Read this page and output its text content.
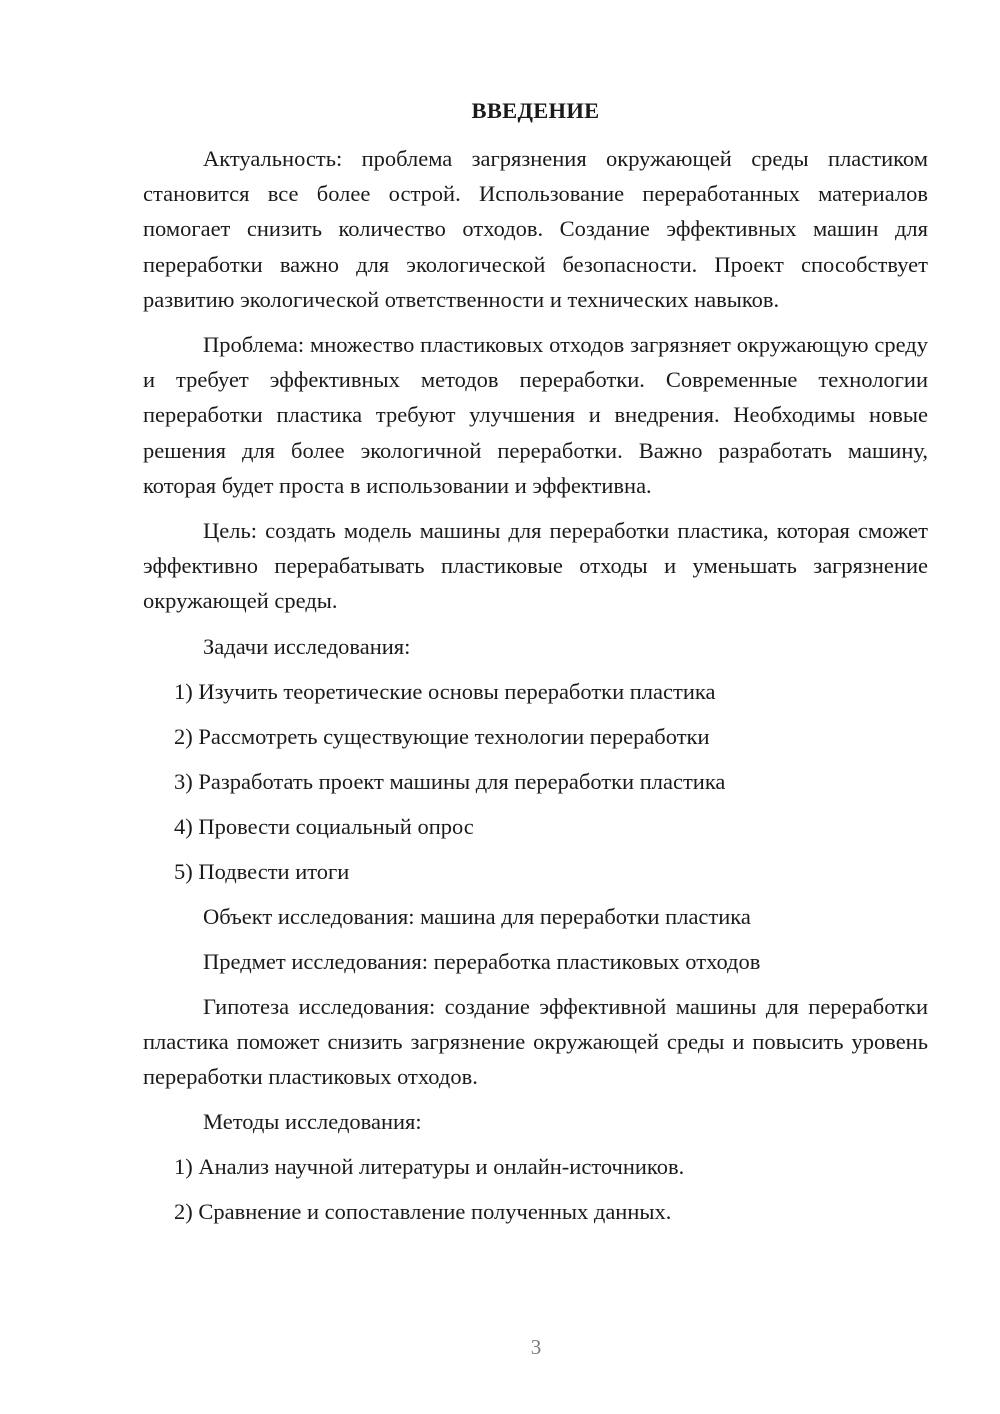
ВВЕДЕНИЕ
Актуальность: проблема загрязнения окружающей среды пластиком становится все более острой. Использование переработанных материалов помогает снизить количество отходов. Создание эффективных машин для переработки важно для экологической безопасности. Проект способствует развитию экологической ответственности и технических навыков.
Проблема: множество пластиковых отходов загрязняет окружающую среду и требует эффективных методов переработки. Современные технологии переработки пластика требуют улучшения и внедрения. Необходимы новые решения для более экологичной переработки. Важно разработать машину, которая будет проста в использовании и эффективна.
Цель: создать модель машины для переработки пластика, которая сможет эффективно перерабатывать пластиковые отходы и уменьшать загрязнение окружающей среды.
Задачи исследования:
1) Изучить теоретические основы переработки пластика
2) Рассмотреть существующие технологии переработки
3) Разработать проект машины для переработки пластика
4) Провести социальный опрос
5) Подвести итоги
Объект исследования: машина для переработки пластика
Предмет исследования: переработка пластиковых отходов
Гипотеза исследования: создание эффективной машины для переработки пластика поможет снизить загрязнение окружающей среды и повысить уровень переработки пластиковых отходов.
Методы исследования:
1) Анализ научной литературы и онлайн-источников.
2) Сравнение и сопоставление полученных данных.
3
